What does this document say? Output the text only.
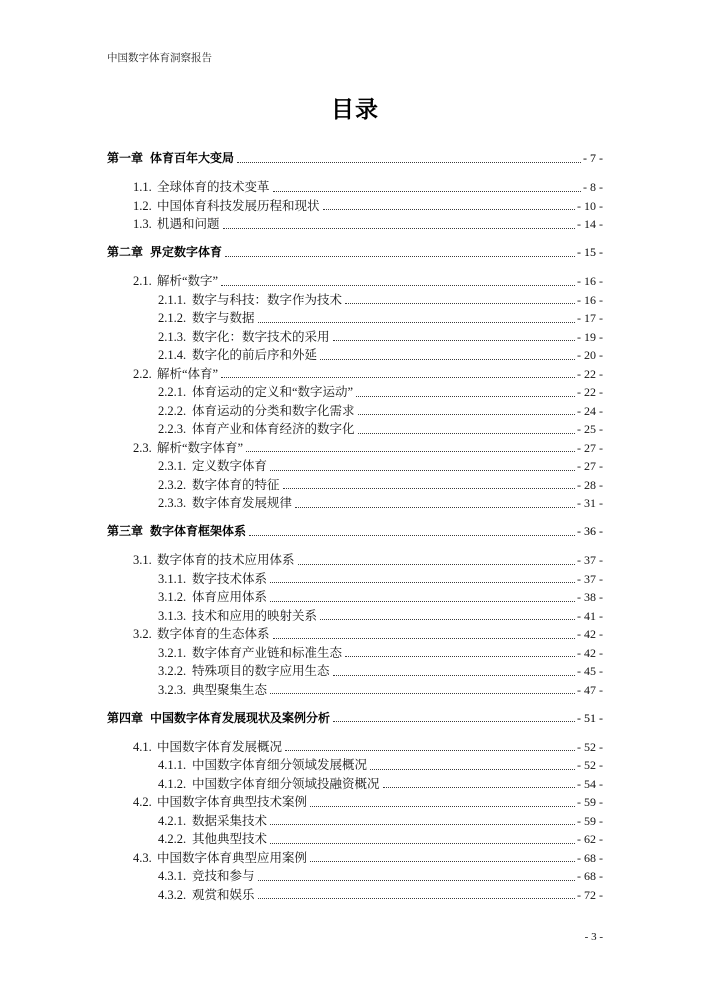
中国数字体育洞察报告
目录
第一章 体育百年大变局	- 7 -
1.1. 全球体育的技术变革	- 8 -
1.2. 中国体育科技发展历程和现状	- 10 -
1.3. 机遇和问题	- 14 -
第二章 界定数字体育	- 15 -
2.1. 解析“数字”	- 16 -
2.1.1. 数字与科技：数字作为技术	- 16 -
2.1.2. 数字与数据	- 17 -
2.1.3. 数字化：数字技术的采用	- 19 -
2.1.4. 数字化的前后序和外延	- 20 -
2.2. 解析“体育”	- 22 -
2.2.1. 体育运动的定义和“数字运动”	- 22 -
2.2.2. 体育运动的分类和数字化需求	- 24 -
2.2.3. 体育产业和体育经济的数字化	- 25 -
2.3. 解析“数字体育”	- 27 -
2.3.1. 定义数字体育	- 27 -
2.3.2. 数字体育的特征	- 28 -
2.3.3. 数字体育发展规律	- 31 -
第三章 数字体育框架体系	- 36 -
3.1. 数字体育的技术应用体系	- 37 -
3.1.1. 数字技术体系	- 37 -
3.1.2. 体育应用体系	- 38 -
3.1.3. 技术和应用的映射关系	- 41 -
3.2. 数字体育的生态体系	- 42 -
3.2.1. 数字体育产业链和标准生态	- 42 -
3.2.2. 特殊项目的数字应用生态	- 45 -
3.2.3. 典型聚集生态	- 47 -
第四章 中国数字体育发展现状及案例分析	- 51 -
4.1. 中国数字体育发展概况	- 52 -
4.1.1. 中国数字体育细分领域发展概况	- 52 -
4.1.2. 中国数字体育细分领域投融资概况	- 54 -
4.2. 中国数字体育典型技术案例	- 59 -
4.2.1. 数据采集技术	- 59 -
4.2.2. 其他典型技术	- 62 -
4.3. 中国数字体育典型应用案例	- 68 -
4.3.1. 竞技和参与	- 68 -
4.3.2. 观赏和娱乐	- 72 -
- 3 -
